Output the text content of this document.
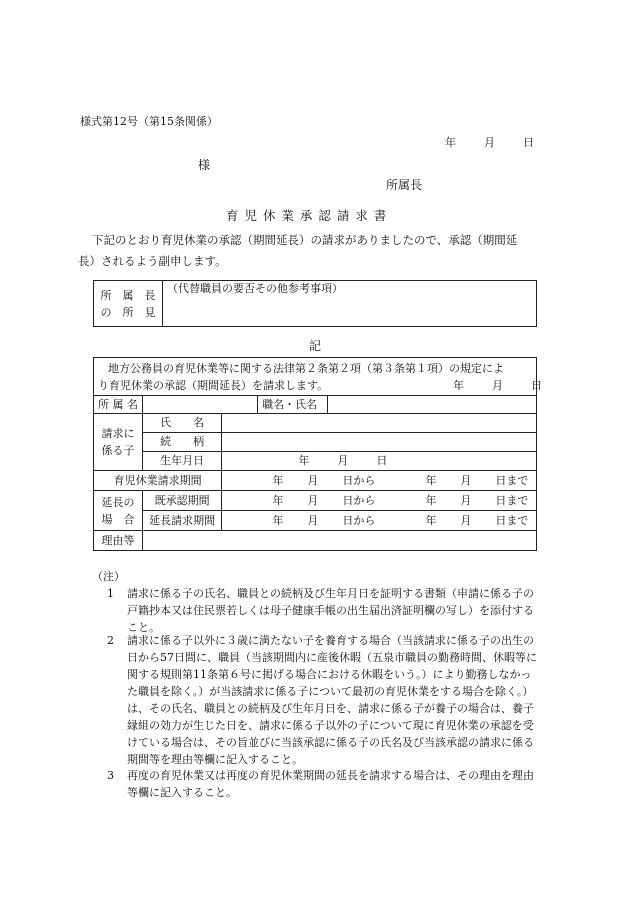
様式第12号（第15条関係）
年	月	日
様
所属長
育 児 休 業 承 認 請 求 書
下記のとおり育児休業の承認（期間延長）の請求がありましたので、承認（期間延
長）されるよう副申します。
所　属　長
の　所　見
	（代替職員の要否その他参考事項）
記
地方公務員の育児休業等に関する法律第２条第２項（第３条第１項）の規定によ
り育児休業の承認（期間延長）を請求します。 年 月 日				

所 属 名			職名・氏名	

請求に
係る子	氏　　名			
	続　　柄			
	生年月日	年 月 日		
育児休業請求期間		年 月 日から 年 月 日まで		

延長の
場　合	既承認期間	年 月 日から 年 月 日まで		
	延長請求期間	年 月 日から 年 月 日まで		
理由等				
（注）
1 請求に係る子の氏名、職員との続柄及び生年月日を証明する書類（申請に係る子の戸籍抄本又は住民票若しくは母子健康手帳の出生届出済証明欄の写し）を添付すること。
2 請求に係る子以外に３歳に満たない子を養育する場合（当該請求に係る子の出生の日から57日間に、職員（当該期間内に産後休暇（五泉市職員の勤務時間、休暇等に関する規則第11条第６号に掲げる場合における休暇をいう。）により勤務しなかった職員を除く。）が当該請求に係る子について最初の育児休業をする場合を除く。）は、その氏名、職員との続柄及び生年月日を、請求に係る子が養子の場合は、養子縁組の効力が生じた日を、請求に係る子以外の子について現に育児休業の承認を受けている場合は、その旨並びに当該承認に係る子の氏名及び当該承認の請求に係る期間等を理由等欄に記入すること。
3 再度の育児休業又は再度の育児休業期間の延長を請求する場合は、その理由を理由等欄に記入すること。
